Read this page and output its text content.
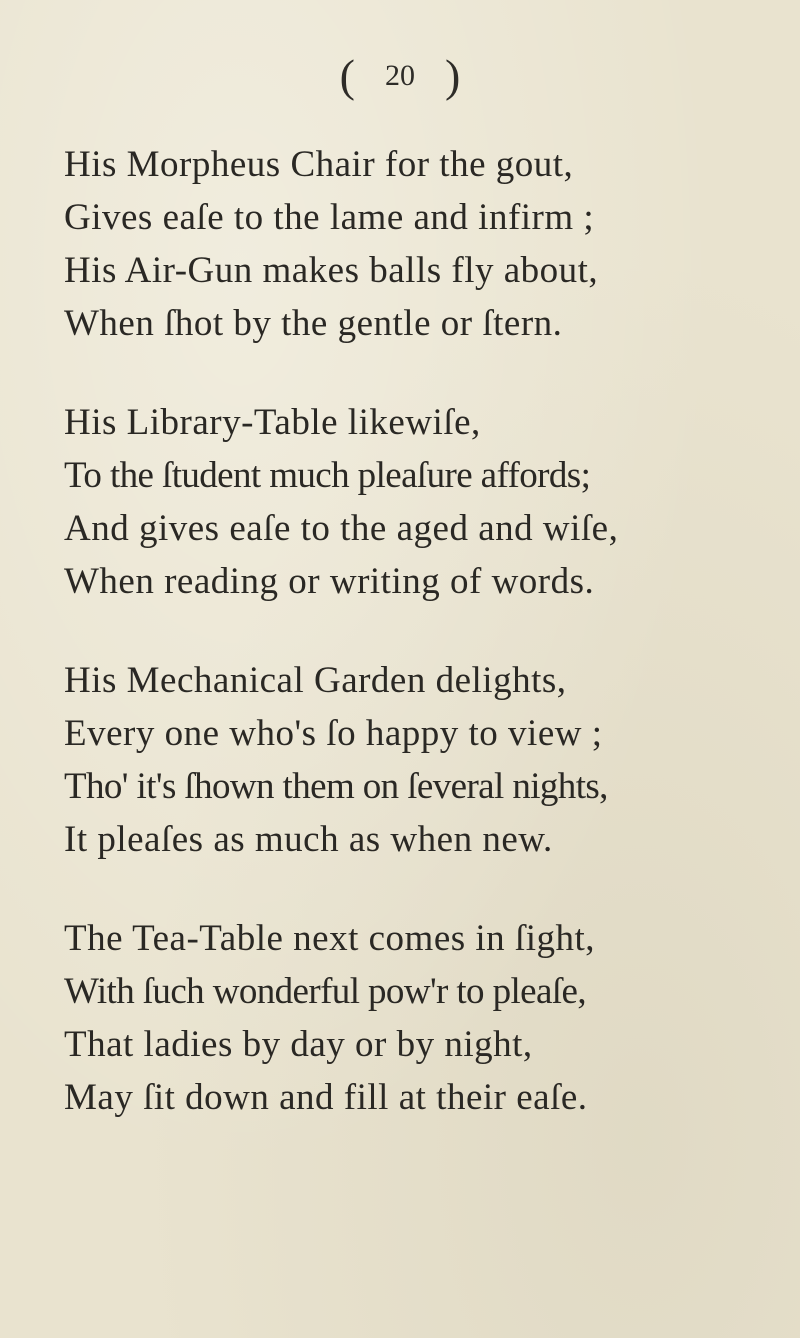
( 20 )
His Morpheus Chair for the gout,
Gives eaſe to the lame and infirm ;
His Air-Gun makes balls fly about,
When ſhot by the gentle or ſtern.
His Library-Table likewiſe,
To the ſtudent much pleaſure affords;
And gives eaſe to the aged and wiſe,
When reading or writing of words.
His Mechanical Garden delights,
Every one who's ſo happy to view ;
Tho' it's ſhown them on ſeveral nights,
It pleaſes as much as when new.
The Tea-Table next comes in ſight,
With ſuch wonderful pow'r to pleaſe,
That ladies by day or by night,
May ſit down and fill at their eaſe.
